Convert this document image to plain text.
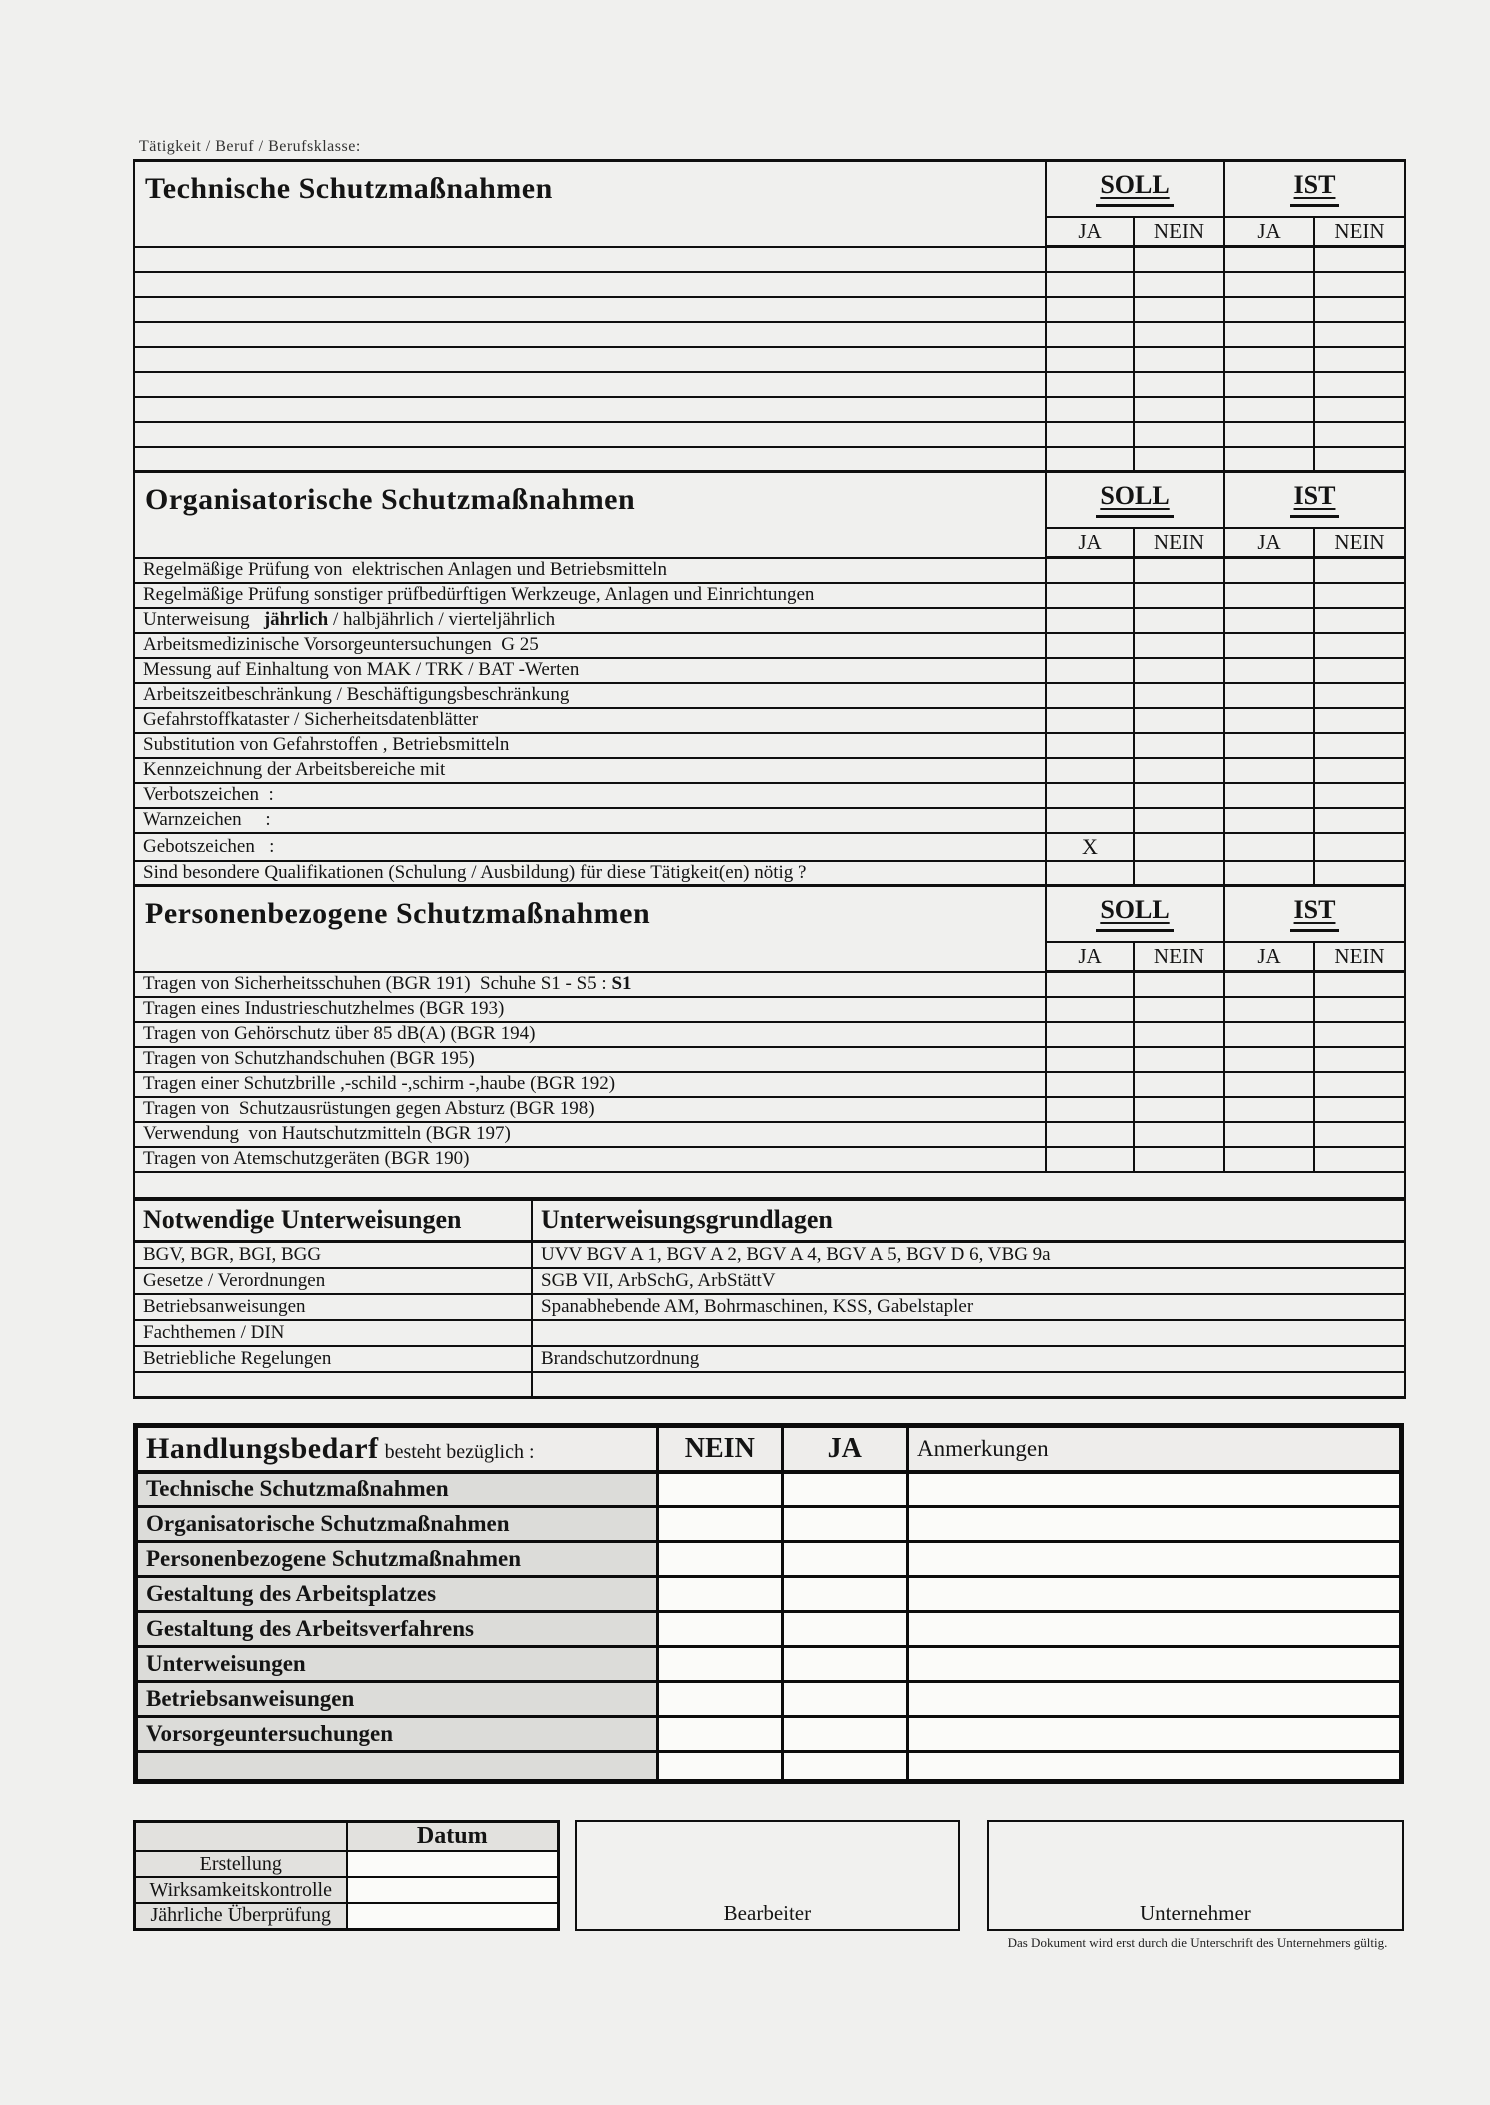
Tätigkeit / Beruf / Berufsklasse:
Technische Schutzmaßnahmen	SOLL		IST	
	JA	NEIN	JA	NEIN

Organisatorische Schutzmaßnahmen	SOLL		IST	
	JA	NEIN	JA	NEIN
Regelmäßige Prüfung von  elektrischen Anlagen und Betriebsmitteln				
Regelmäßige Prüfung sonstiger prüfbedürftigen Werkzeuge, Anlagen und Einrichtungen				
Unterweisung   jährlich / halbjährlich / vierteljährlich				
Arbeitsmedizinische Vorsorgeuntersuchungen  G 25				
Messung auf Einhaltung von MAK / TRK / BAT -Werten				
Arbeitszeitbeschränkung / Beschäftigungsbeschränkung				
Gefahrstoffkataster / Sicherheitsdatenblätter				
Substitution von Gefahrstoffen , Betriebsmitteln				
Kennzeichnung der Arbeitsbereiche mit				
Verbotszeichen  :				
Warnzeichen     :				
Gebotszeichen   :	X			
Sind besondere Qualifikationen (Schulung / Ausbildung) für diese Tätigkeit(en) nötig ?				
Personenbezogene Schutzmaßnahmen	SOLL		IST	
	JA	NEIN	JA	NEIN
Tragen von Sicherheitsschuhen (BGR 191)  Schuhe S1 - S5 : S1				
Tragen eines Industrieschutzhelmes (BGR 193)				
Tragen von Gehörschutz über 85 dB(A) (BGR 194)				
Tragen von Schutzhandschuhen (BGR 195)				
Tragen einer Schutzbrille ,-schild -,schirm -,haube (BGR 192)				
Tragen von  Schutzausrüstungen gegen Absturz (BGR 198)				
Verwendung  von Hautschutzmitteln (BGR 197)				
Tragen von Atemschutzgeräten (BGR 190)				

Notwendige Unterweisungen	Unterweisungsgrundlagen
BGV, BGR, BGI, BGG	UVV BGV A 1, BGV A 2, BGV A 4, BGV A 5, BGV D 6, VBG 9a
Gesetze / Verordnungen	SGB VII, ArbSchG, ArbStättV
Betriebsanweisungen	Spanabhebende AM, Bohrmaschinen, KSS, Gabelstapler
Fachthemen / DIN	
Betriebliche Regelungen	Brandschutzordnung

Handlungsbedarf besteht bezüglich :	NEIN	JA	Anmerkungen
Technische Schutzmaßnahmen			
Organisatorische Schutzmaßnahmen			
Personenbezogene Schutzmaßnahmen			
Gestaltung des Arbeitsplatzes			
Gestaltung des Arbeitsverfahrens			
Unterweisungen			
Betriebsanweisungen			
Vorsorgeuntersuchungen			

	Datum
Erstellung	
Wirksamkeitskontrolle	
Jährliche Überprüfung		Bearbeiter	Unternehmer
Das Dokument wird erst durch die Unterschrift des Unternehmers gültig.
